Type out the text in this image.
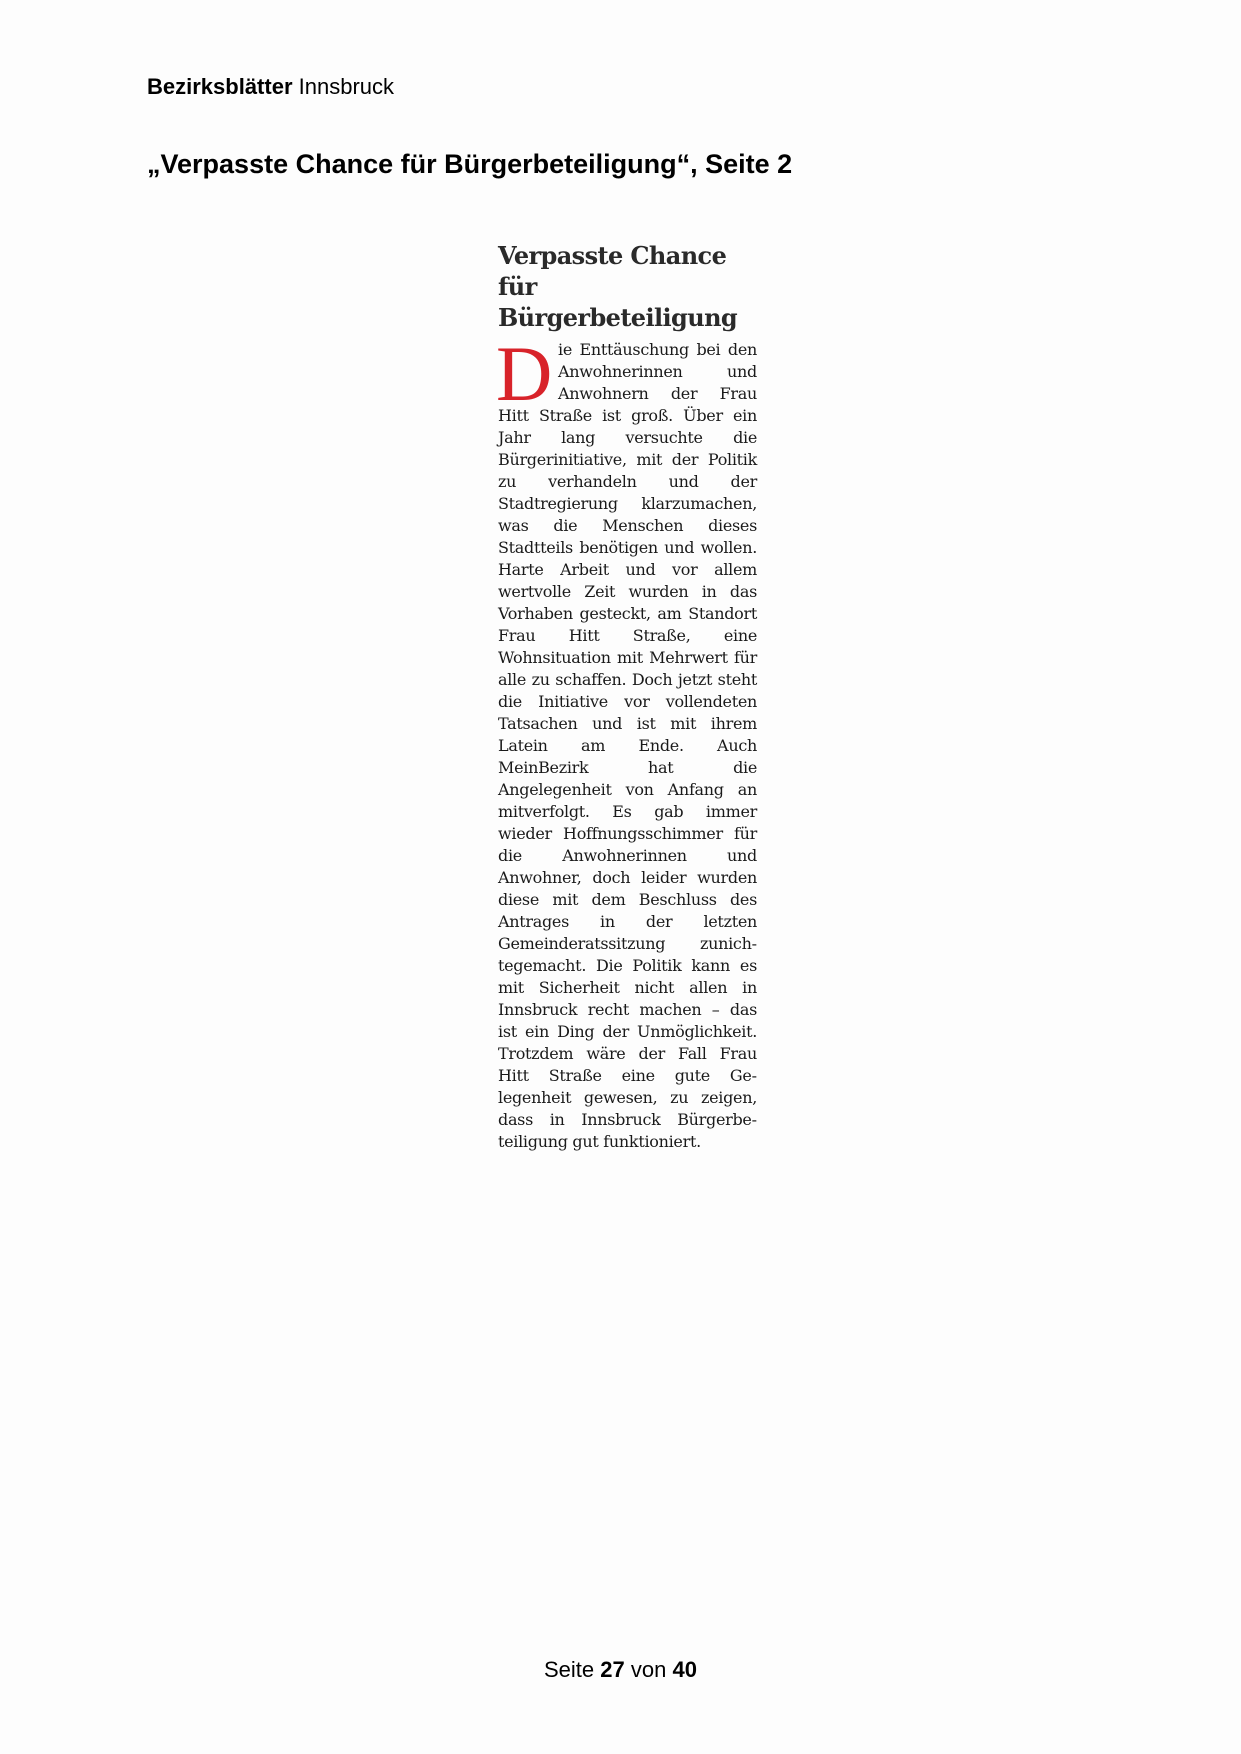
Bezirksblätter Innsbruck
„Verpasste Chance für Bürgerbeteiligung“, Seite 2
Verpasste Chance für Bürgerbeteiligung

Die Enttäuschung bei den Anwohnerinnen und Anwohnern der Frau Hitt Straße ist groß. Über ein Jahr lang versuchte die Bürgerinitiative, mit der Politik zu verhandeln und der Stadtregierung klarzumachen, was die Menschen dieses Stadtteils benötigen und wollen. Harte Arbeit und vor allem wertvolle Zeit wurden in das Vorhaben gesteckt, am Standort Frau Hitt Straße, eine Wohnsituation mit Mehrwert für alle zu schaffen. Doch jetzt steht die Initiative vor vollendeten Tatsachen und ist mit ihrem Latein am Ende. Auch MeinBezirk hat die Angelegenheit von Anfang an mitverfolgt. Es gab immer wieder Hoffnungsschimmer für die Anwohnerinnen und Anwohner, doch leider wurden diese mit dem Beschluss des Antrages in der letzten Gemeinderatssitzung zunichtegemacht. Die Politik kann es mit Sicherheit nicht allen in Innsbruck recht machen – das ist ein Ding der Unmöglichkeit. Trotzdem wäre der Fall Frau Hitt Straße eine gute Gelegenheit gewesen, zu zeigen, dass in Innsbruck Bürgerbeteiligung gut funktioniert.

Seite 27 von 40
